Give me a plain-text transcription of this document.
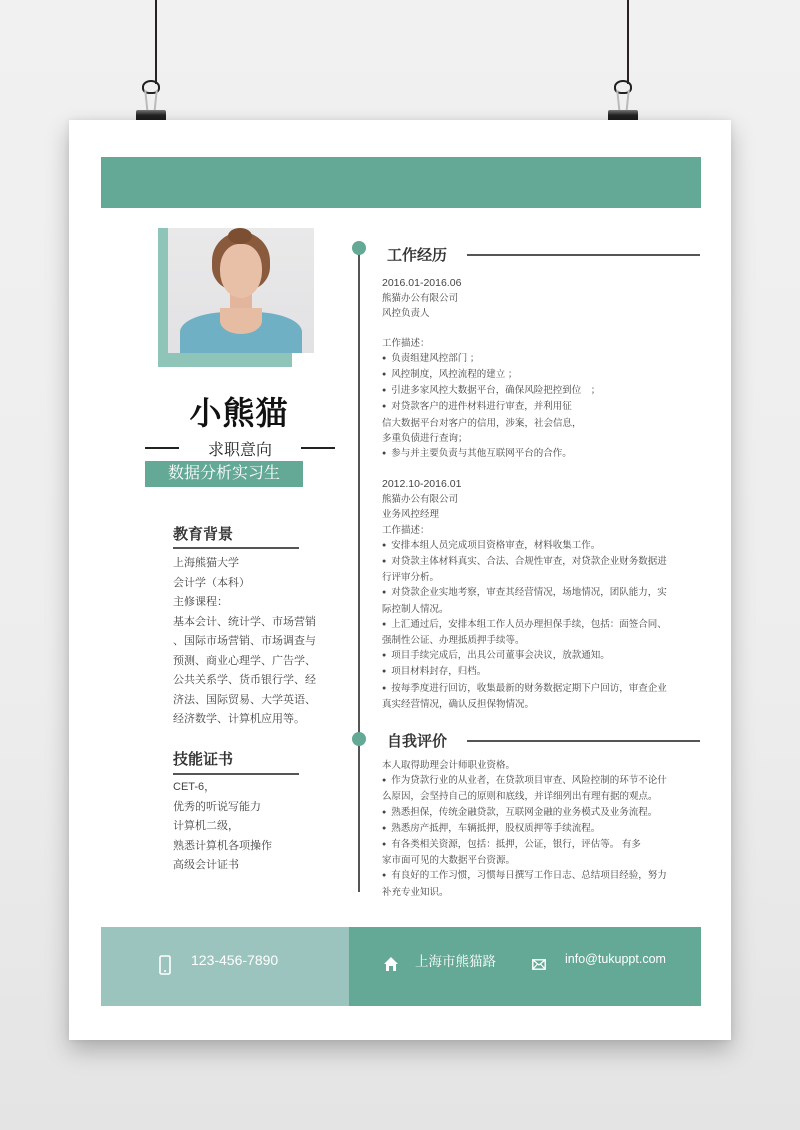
小熊猫
求职意向
数据分析实习生
教育背景
上海熊猫大学
会计学（本科）
主修课程：
基本会计、统计学、市场营销
、国际市场营销、市场调查与
预测、商业心理学、广告学、
公共关系学、货币银行学、经
济法、国际贸易、大学英语、
经济数学、计算机应用等。
技能证书
CET-6，
优秀的听说写能力
计算机二级，
熟悉计算机各项操作
高级会计证书
工作经历
2016.01-2016.06
熊猫办公有限公司
风控负责人
工作描述：
● 负责组建风控部门 ；
● 风控制度，风控流程的建立 ；
● 引进多家风控大数据平台，确保风险把控到位　；
● 对贷款客户的进件材料进行审查，并利用征
信大数据平台对客户的信用，涉案，社会信息，
多重负债进行查询；
● 参与并主要负责与其他互联网平台的合作。
2012.10-2016.01
熊猫办公有限公司
业务风控经理
工作描述：
● 安排本组人员完成项目资格审查，材料收集工作。
● 对贷款主体材料真实、合法、合规性审查，对贷款企业财务数据进
行评审分析。
● 对贷款企业实地考察，审查其经营情况，场地情况，团队能力，实
际控制人情况。
● 上汇通过后，安排本组工作人员办理担保手续，包括：面签合同、
强制性公证、办理抵质押手续等。
● 项目手续完成后，出具公司董事会决议，放款通知。
● 项目材料封存，归档。
● 按每季度进行回访，收集最新的财务数据定期下户回访，审查企业
真实经营情况，确认反担保物情况。
自我评价
本人取得助理会计师职业资格。
● 作为贷款行业的从业者，在贷款项目审查、风险控制的环节不论什
么原因，会坚持自己的原则和底线，并详细列出有理有据的观点。
● 熟悉担保，传统金融贷款，互联网金融的业务模式及业务流程。
● 熟悉房产抵押，车辆抵押，股权质押等手续流程。
● 有各类相关资源，包括：抵押，公证，银行，评估等。 有多
家市面可见的大数据平台资源。
● 有良好的工作习惯，习惯每日撰写工作日志、总结项目经验，努力
补充专业知识。
123-456-7890	上海市熊猫路	info@tukuppt.com
